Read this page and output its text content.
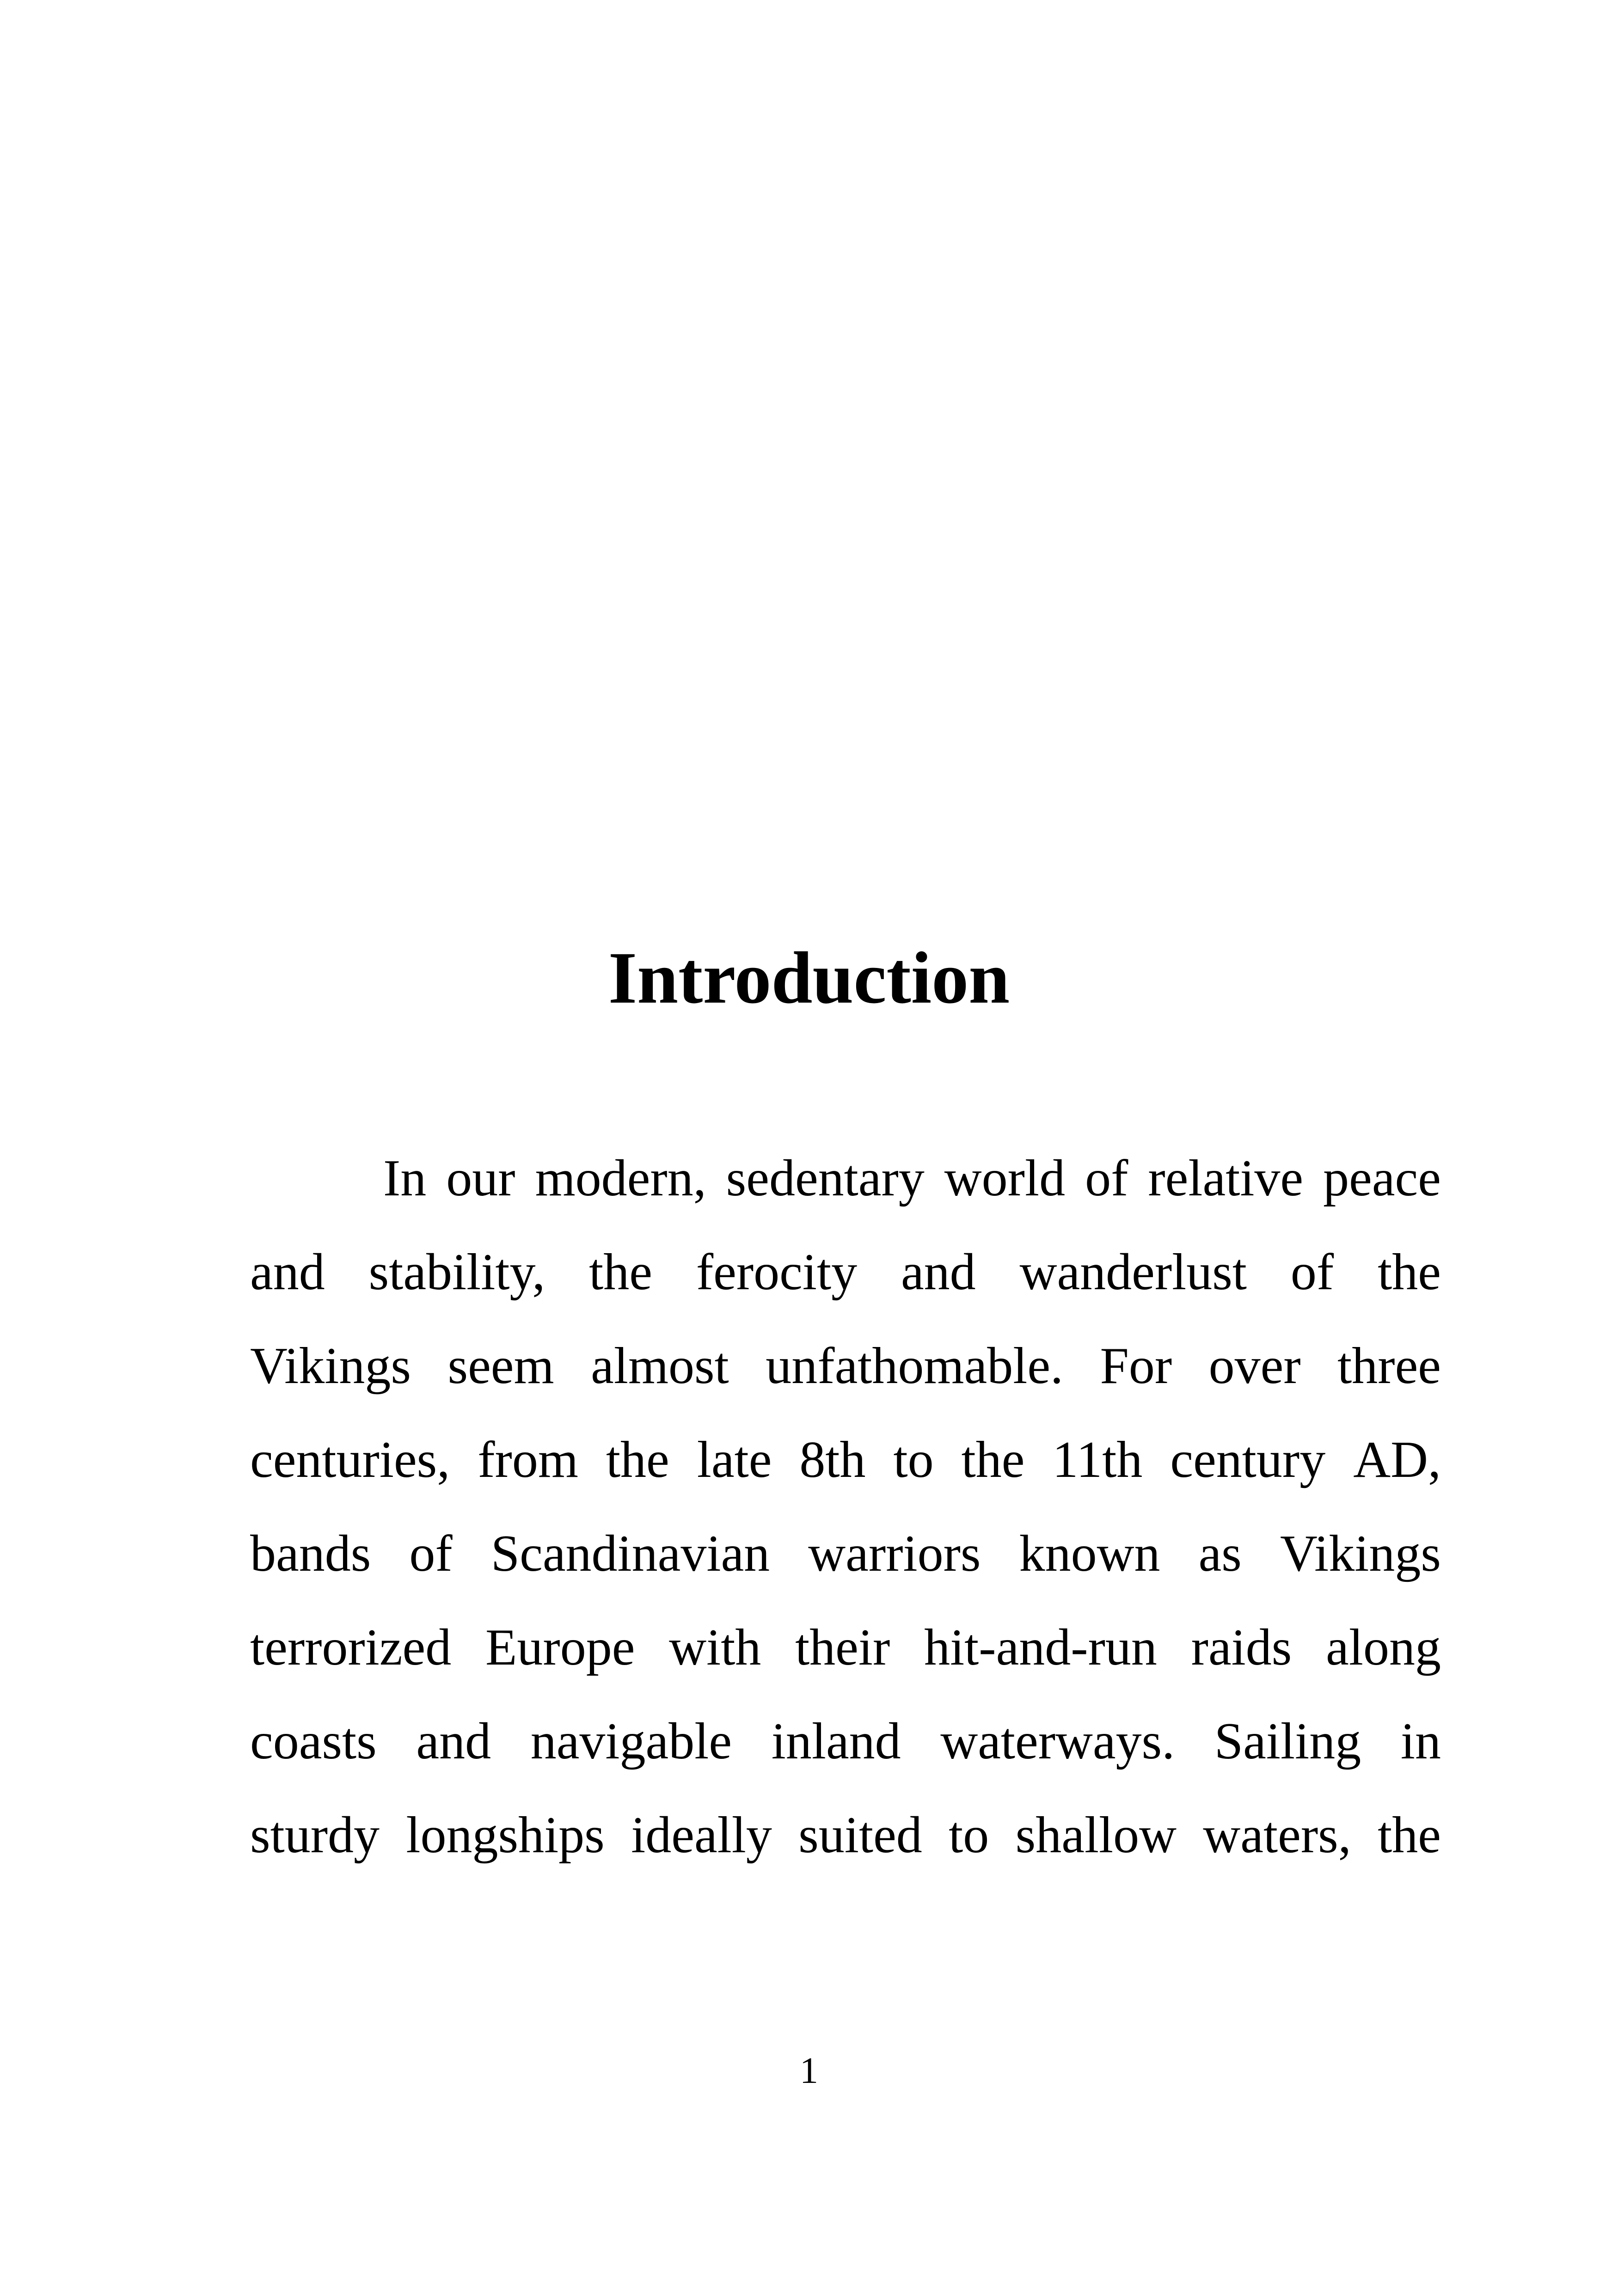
Introduction
In our modern, sedentary world of relative peace
and stability, the ferocity and wanderlust of the
Vikings seem almost unfathomable. For over three
centuries, from the late 8th to the 11th century AD,
bands of Scandinavian warriors known as Vikings
terrorized Europe with their hit-and-run raids along
coasts and navigable inland waterways. Sailing in
sturdy longships ideally suited to shallow waters, the
1
